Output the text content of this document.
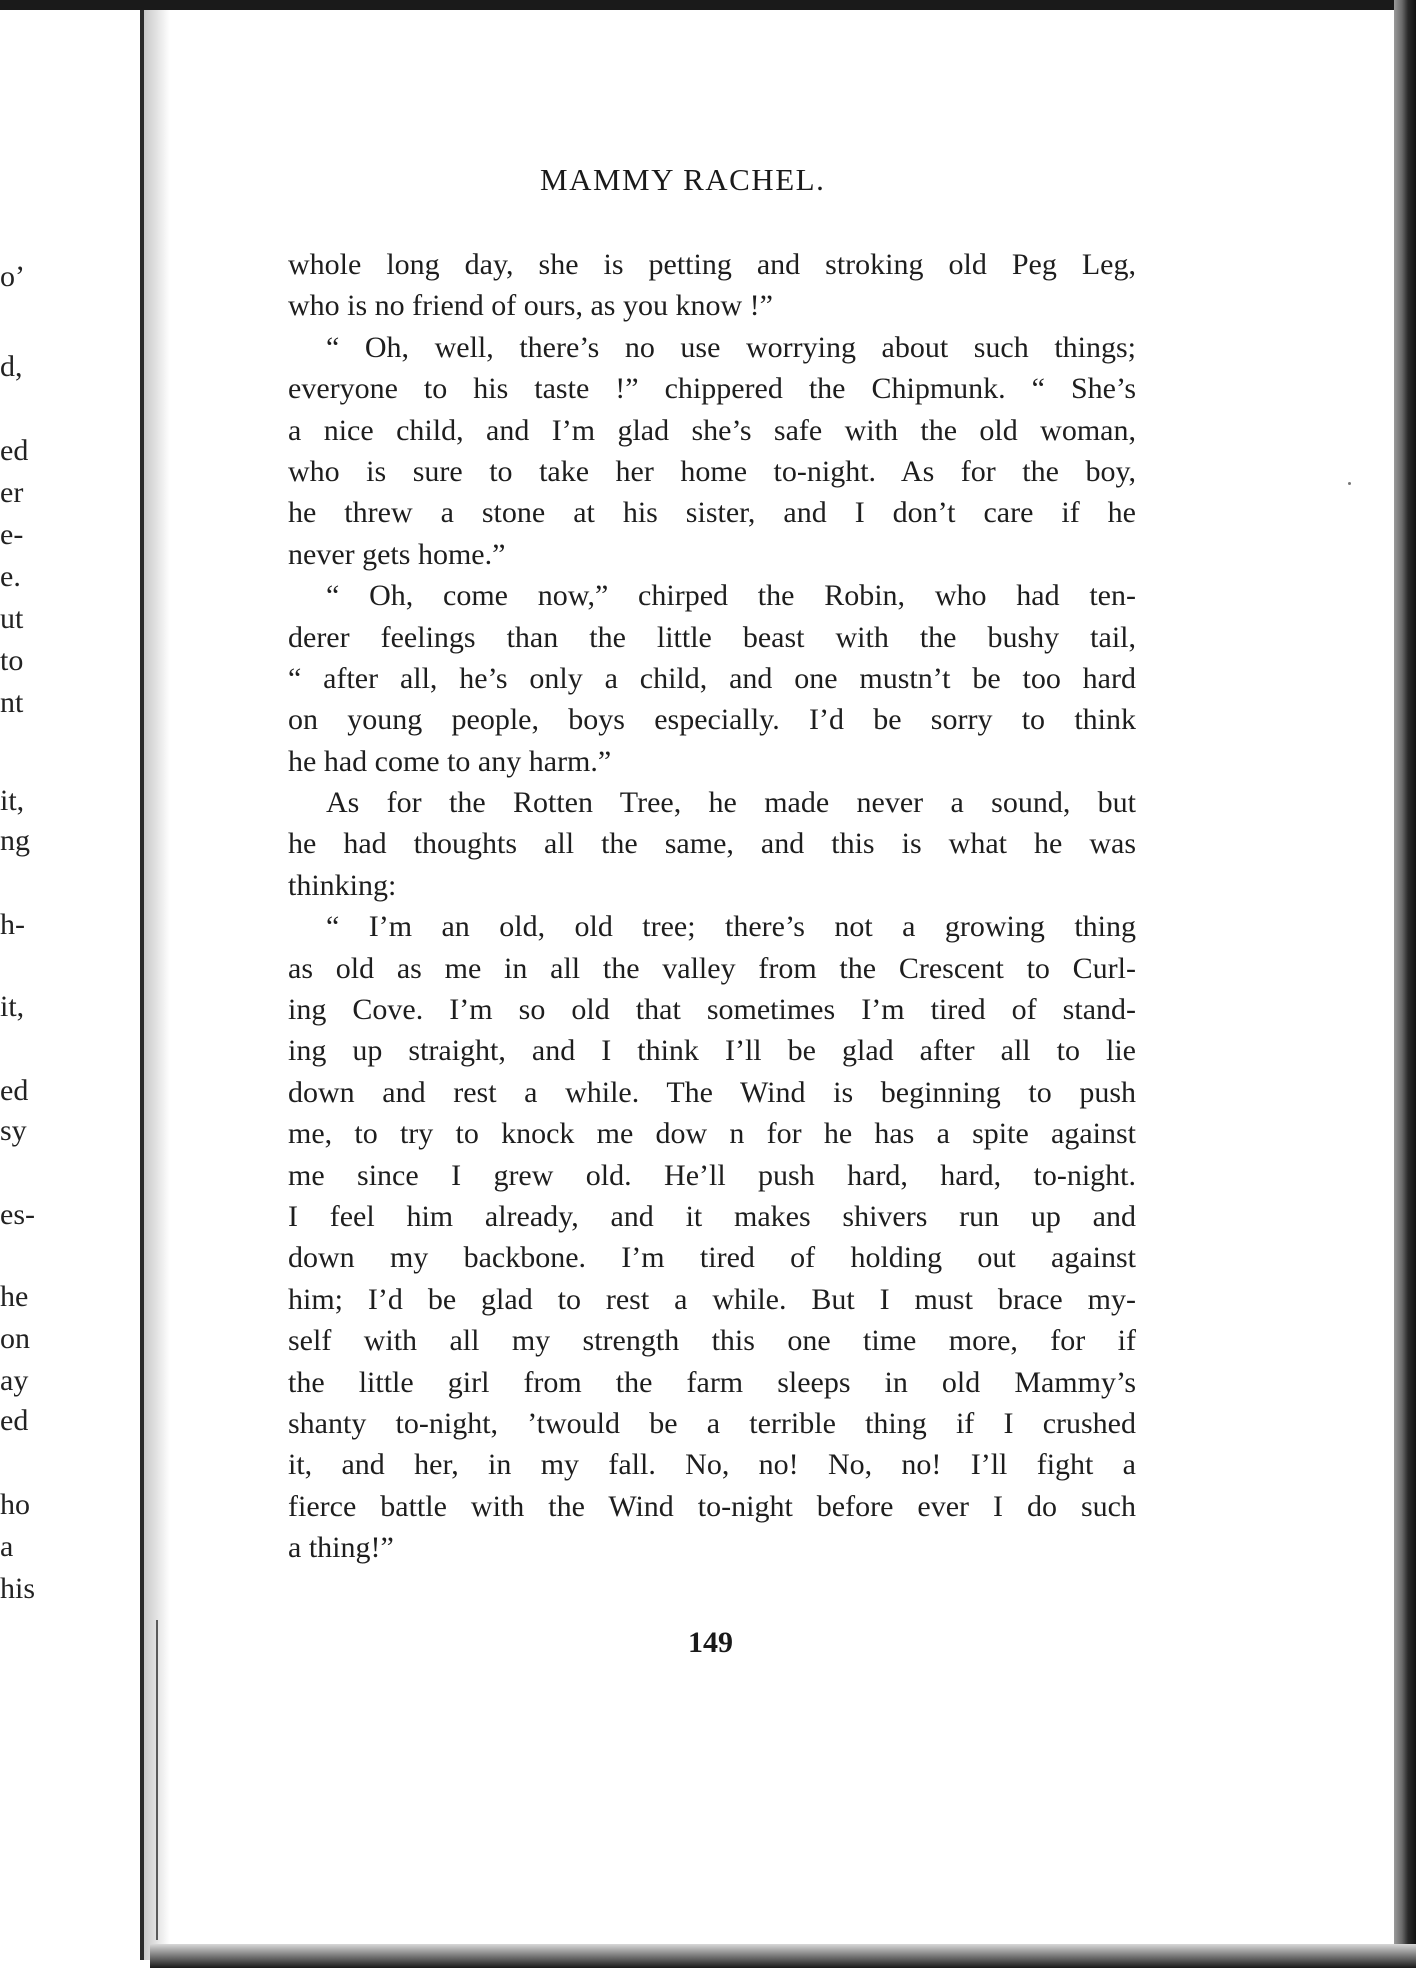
o’
d,
ed
er
e-
e.
ut
to
nt
it,
ng
h-
it,
ed
sy
es-
he
on
ay
ed
ho
a
his
MAMMY RACHEL.
whole long day, she is petting and stroking old Peg Leg,
who is no friend of ours, as you know !”
“ Oh, well, there’s no use worrying about such things;
everyone to his taste !” chippered the Chipmunk. “ She’s
a nice child, and I’m glad she’s safe with the old woman,
who is sure to take her home to-night. As for the boy,
he threw a stone at his sister, and I don’t care if he
never gets home.”
“ Oh, come now,” chirped the Robin, who had ten-
derer feelings than the little beast with the bushy tail,
“ after all, he’s only a child, and one mustn’t be too hard
on young people, boys especially. I’d be sorry to think
he had come to any harm.”
As for the Rotten Tree, he made never a sound, but
he had thoughts all the same, and this is what he was
thinking:
“ I’m an old, old tree; there’s not a growing thing
as old as me in all the valley from the Crescent to Curl-
ing Cove. I’m so old that sometimes I’m tired of stand-
ing up straight, and I think I’ll be glad after all to lie
down and rest a while. The Wind is beginning to push
me, to try to knock me dow n for he has a spite against
me since I grew old. He’ll push hard, hard, to-night.
I feel him already, and it makes shivers run up and
down my backbone. I’m tired of holding out against
him; I’d be glad to rest a while. But I must brace my-
self with all my strength this one time more, for if
the little girl from the farm sleeps in old Mammy’s
shanty to-night, ’twould be a terrible thing if I crushed
it, and her, in my fall. No, no! No, no! I’ll fight a
fierce battle with the Wind to-night before ever I do such
a thing!”
149
